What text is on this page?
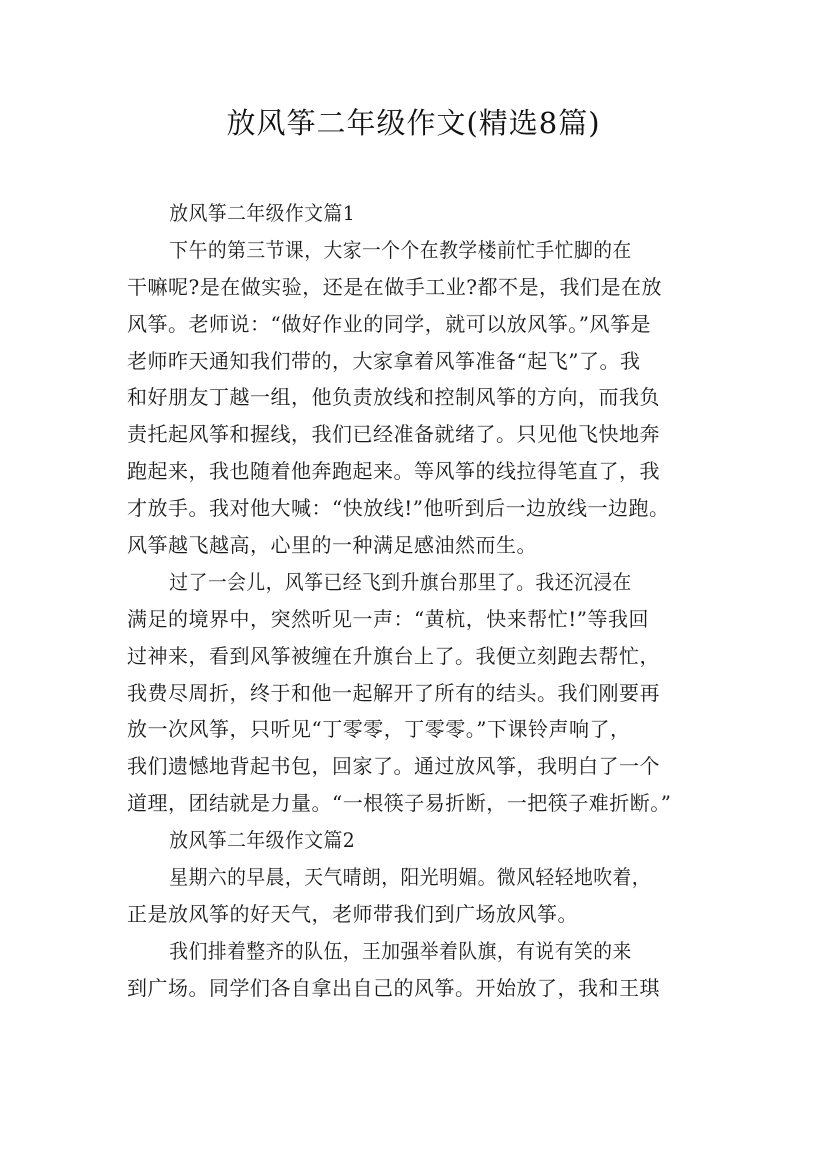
放风筝二年级作文(精选8篇)
放风筝二年级作文篇1
下午的第三节课，大家一个个在教学楼前忙手忙脚的在
干嘛呢?是在做实验，还是在做手工业?都不是，我们是在放
风筝。老师说：“做好作业的同学，就可以放风筝。”风筝是
老师昨天通知我们带的，大家拿着风筝准备“起飞”了。我
和好朋友丁越一组，他负责放线和控制风筝的方向，而我负
责托起风筝和握线，我们已经准备就绪了。只见他飞快地奔
跑起来，我也随着他奔跑起来。等风筝的线拉得笔直了，我
才放手。我对他大喊：“快放线!”他听到后一边放线一边跑。
风筝越飞越高，心里的一种满足感油然而生。
过了一会儿，风筝已经飞到升旗台那里了。我还沉浸在
满足的境界中，突然听见一声：“黄杭，快来帮忙!”等我回
过神来，看到风筝被缠在升旗台上了。我便立刻跑去帮忙，
我费尽周折，终于和他一起解开了所有的结头。我们刚要再
放一次风筝，只听见“丁零零，丁零零。”下课铃声响了，
我们遗憾地背起书包，回家了。通过放风筝，我明白了一个
道理，团结就是力量。“一根筷子易折断，一把筷子难折断。”
放风筝二年级作文篇2
星期六的早晨，天气晴朗，阳光明媚。微风轻轻地吹着，
正是放风筝的好天气，老师带我们到广场放风筝。
我们排着整齐的队伍，王加强举着队旗，有说有笑的来
到广场。同学们各自拿出自己的风筝。开始放了，我和王琪
